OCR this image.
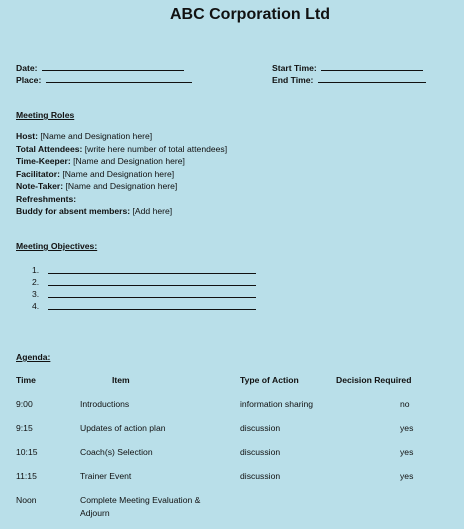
ABC Corporation Ltd
Date:
Place:
Start Time:
End Time:
Meeting Roles
Host: [Name and Designation here]
Total Attendees: [write here number of total attendees]
Time-Keeper: [Name and Designation here]
Facilitator: [Name and Designation here]
Note-Taker: [Name and Designation here]
Refreshments:
Buddy for absent members: [Add here]
Meeting Objectives:
1.
2.
3.
4.
Agenda:
Time	Item	Type of Action	Decision Required
9:00	Introductions	information sharing	no
9:15	Updates of action plan	discussion	yes
10:15	Coach(s) Selection	discussion	yes
11:15	Trainer Event	discussion	yes
Noon	Complete Meeting Evaluation &
Adjourn
